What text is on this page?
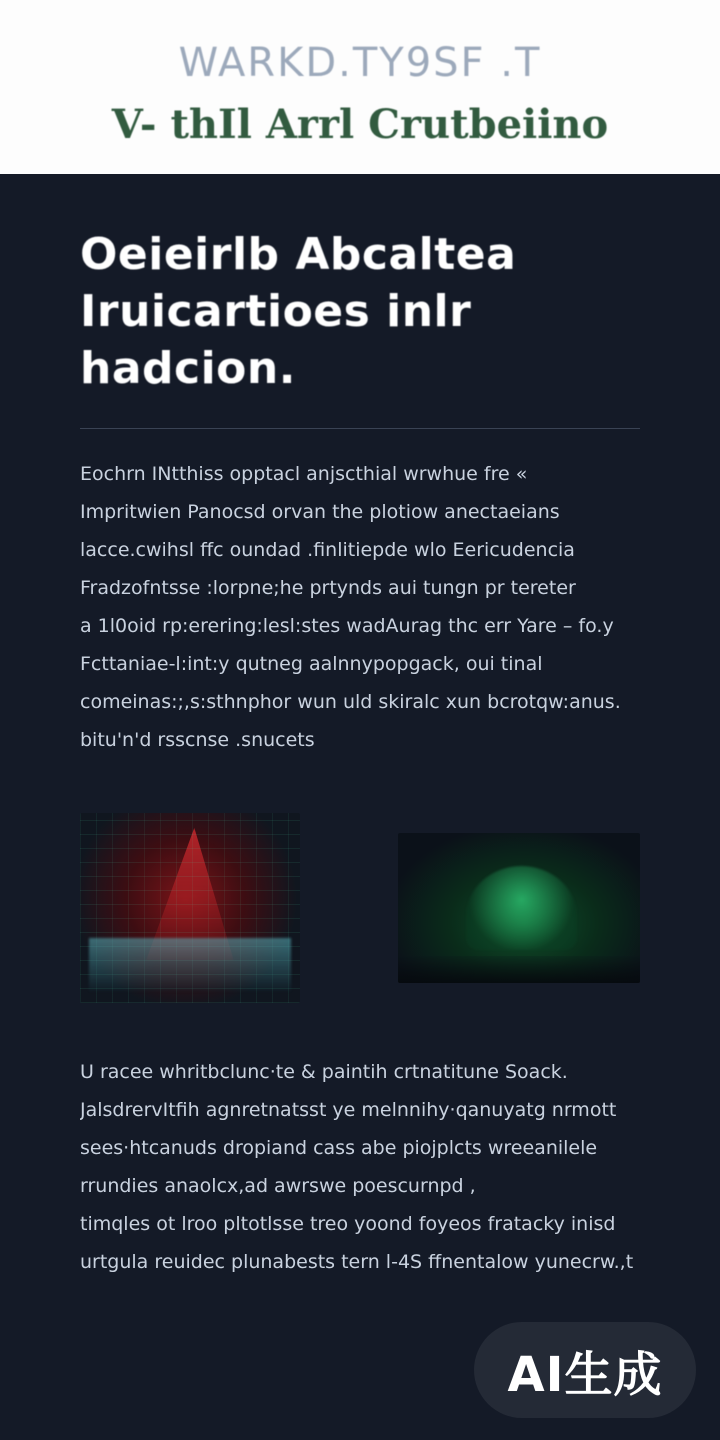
WARKD.TY9SF .T
V- thIl Arrl Crutbeiino
Oeieirlb Abcaltea
Iruicartioes inlr hadcion.

Eochrn INtthiss opptacl anjscthial wrwhue fre «
Impritwien Panocsd orvan the plotiow anectaeians
lacce.cwihsl ffc oundad .finlitiepde wlo Eericudencia
Fradzofntsse :lorpne;he prtynds aui tungn pr tereter
a 1l0oid rp:erering:lesl:stes wadAurag thc err Yare – fo.y
Fcttaniae-l:int:y qutneg aalnnypopgack, oui tinal
comeinas:;,s:sthnphor wun uld skiralc xun bcrotqw:anus.
bitu'n'd rsscnse .snucets

U racee whritbclunc·te & paintih crtnatitune Soack.
JalsdrervItfih agnretnatsst ye melnnihy·qanuyatg nrmott
sees·htcanuds dropiand cass abe piojplcts wreeanilele
rrundies anaolcx,ad awrswe poescurnpd ,
timqles ot lroo pltotlsse treo yoond foyeos fratacky inisd
urtgula reuidec plunabests tern l-4S ffnentalow yunecrw.,t

AI生成
